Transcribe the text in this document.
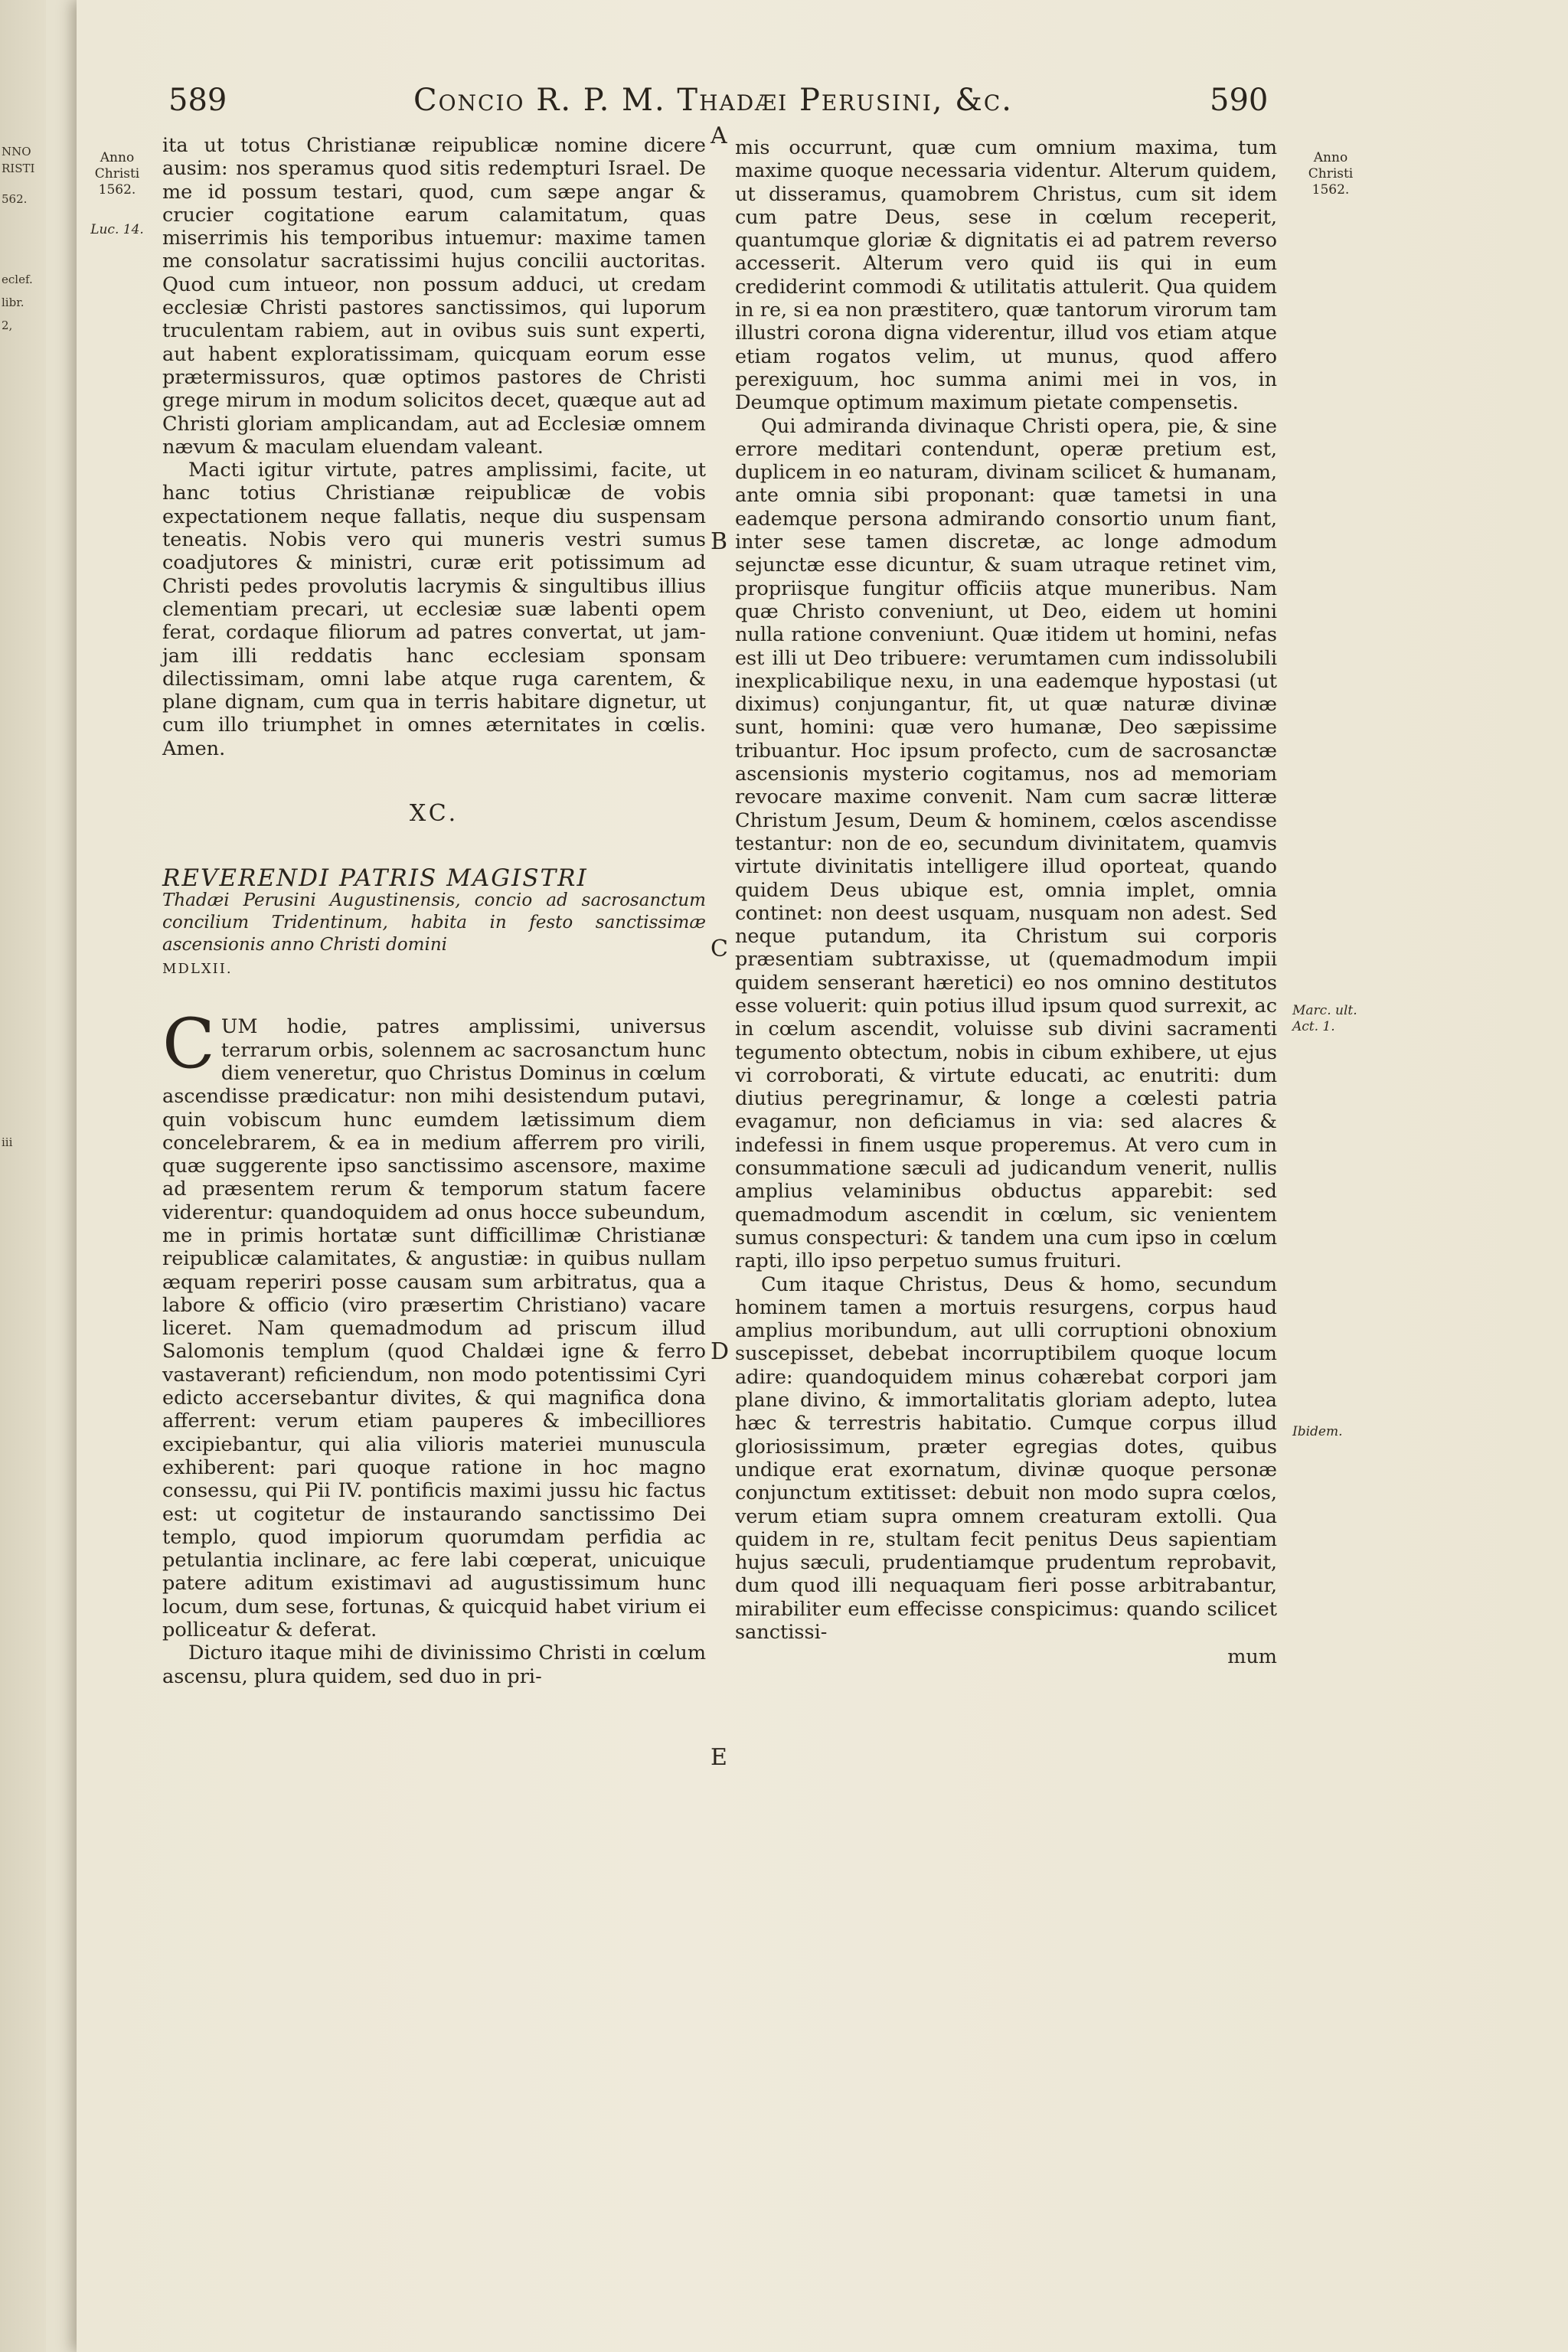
NNO
RISTI
562.
eclef.
libr.
2,
iii
589	Concio R. P. M. Thadæi Perusini, &c.	590
Anno Christi 1562.
Luc. 14.
Anno Christi 1562.
Marc. ult. Act. 1.
Ibidem.
A
B
C
D
E

ita ut totus Christianæ reipublicæ nomine dicere ausim: nos speramus quod sitis redempturi Israel. De me id possum testari, quod, cum sæpe angar & crucier cogitatione earum calamitatum, quas miserrimis his temporibus intuemur: maxime tamen me consolatur sacratissimi hujus concilii auctoritas. Quod cum intueor, non possum adduci, ut credam ecclesiæ Christi pastores sanctissimos, qui luporum truculentam rabiem, aut in ovibus suis sunt experti, aut habent exploratissimam, quicquam eorum esse prætermissuros, quæ optimos pastores de Christi grege mirum in modum solicitos decet, quæque aut ad Christi gloriam amplicandam, aut ad Ecclesiæ omnem nævum & maculam eluendam valeant.

Macti igitur virtute, patres amplissimi, facite, ut hanc totius Christianæ reipublicæ de vobis expectationem neque fallatis, neque diu suspensam teneatis. Nobis vero qui muneris vestri sumus coadjutores & ministri, curæ erit potissimum ad Christi pedes provolutis lacrymis & singultibus illius clementiam precari, ut ecclesiæ suæ labenti opem ferat, cordaque filiorum ad patres convertat, ut jam-jam illi reddatis hanc ecclesiam sponsam dilectissimam, omni labe atque ruga carentem, & plane dignam, cum qua in terris habitare dignetur, ut cum illo triumphet in omnes æternitates in cœlis. Amen.

XC.
REVERENDI PATRIS MAGISTRI
Thadæi Perusini Augustinensis, concio ad sacrosanctum concilium Tridentinum, habita in festo sanctissimæ ascensionis anno Christi domini
MDLXII.

CUM hodie, patres amplissimi, universus terrarum orbis, solennem ac sacrosanctum hunc diem veneretur, quo Christus Dominus in cœlum ascendisse prædicatur: non mihi desistendum putavi, quin vobiscum hunc eumdem lætissimum diem concelebrarem, & ea in medium afferrem pro virili, quæ suggerente ipso sanctissimo ascensore, maxime ad præsentem rerum & temporum statum facere viderentur: quandoquidem ad onus hocce subeundum, me in primis hortatæ sunt difficillimæ Christianæ reipublicæ calamitates, & angustiæ: in quibus nullam æquam reperiri posse causam sum arbitratus, qua a labore & officio (viro præsertim Christiano) vacare liceret. Nam quemadmodum ad priscum illud Salomonis templum (quod Chaldæi igne & ferro vastaverant) reficiendum, non modo potentissimi Cyri edicto accersebantur divites, & qui magnifica dona afferrent: verum etiam pauperes & imbecilliores excipiebantur, qui alia vilioris materiei munuscula exhiberent: pari quoque ratione in hoc magno consessu, qui Pii IV. pontificis maximi jussu hic factus est: ut cogitetur de instaurando sanctissimo Dei templo, quod impiorum quorumdam perfidia ac petulantia inclinare, ac fere labi cœperat, unicuique patere aditum existimavi ad augustissimum hunc locum, dum sese, fortunas, & quicquid habet virium ei polliceatur & deferat.

Dicturo itaque mihi de divinissimo Christi in cœlum ascensu, plura quidem, sed duo in pri-

mis occurrunt, quæ cum omnium maxima, tum maxime quoque necessaria videntur. Alterum quidem, ut disseramus, quamobrem Christus, cum sit idem cum patre Deus, sese in cœlum receperit, quantumque gloriæ & dignitatis ei ad patrem reverso accesserit. Alterum vero quid iis qui in eum crediderint commodi & utilitatis attulerit. Qua quidem in re, si ea non præstitero, quæ tantorum virorum tam illustri corona digna viderentur, illud vos etiam atque etiam rogatos velim, ut munus, quod affero perexiguum, hoc summa animi mei in vos, in Deumque optimum maximum pietate compensetis.

Qui admiranda divinaque Christi opera, pie, & sine errore meditari contendunt, operæ pretium est, duplicem in eo naturam, divinam scilicet & humanam, ante omnia sibi proponant: quæ tametsi in una eademque persona admirando consortio unum fiant, inter sese tamen discretæ, ac longe admodum sejunctæ esse dicuntur, & suam utraque retinet vim, propriisque fungitur officiis atque muneribus. Nam quæ Christo conveniunt, ut Deo, eidem ut homini nulla ratione conveniunt. Quæ itidem ut homini, nefas est illi ut Deo tribuere: verumtamen cum indissolubili inexplicabilique nexu, in una eademque hypostasi (ut diximus) conjungantur, fit, ut quæ naturæ divinæ sunt, homini: quæ vero humanæ, Deo sæpissime tribuantur. Hoc ipsum profecto, cum de sacrosanctæ ascensionis mysterio cogitamus, nos ad memoriam revocare maxime convenit. Nam cum sacræ litteræ Christum Jesum, Deum & hominem, cœlos ascendisse testantur: non de eo, secundum divinitatem, quamvis virtute divinitatis intelligere illud oporteat, quando quidem Deus ubique est, omnia implet, omnia continet: non deest usquam, nusquam non adest. Sed neque putandum, ita Christum sui corporis præsentiam subtraxisse, ut (quemadmodum impii quidem senserant hæretici) eo nos omnino destitutos esse voluerit: quin potius illud ipsum quod surrexit, ac in cœlum ascendit, voluisse sub divini sacramenti tegumento obtectum, nobis in cibum exhibere, ut ejus vi corroborati, & virtute educati, ac enutriti: dum diutius peregrinamur, & longe a cœlesti patria evagamur, non deficiamus in via: sed alacres & indefessi in finem usque properemus. At vero cum in consummatione sæculi ad judicandum venerit, nullis amplius velaminibus obductus apparebit: sed quemadmodum ascendit in cœlum, sic venientem sumus conspecturi: & tandem una cum ipso in cœlum rapti, illo ipso perpetuo sumus fruituri.

Cum itaque Christus, Deus & homo, secundum hominem tamen a mortuis resurgens, corpus haud amplius moribundum, aut ulli corruptioni obnoxium suscepisset, debebat incorruptibilem quoque locum adire: quandoquidem minus cohærebat corpori jam plane divino, & immortalitatis gloriam adepto, lutea hæc & terrestris habitatio. Cumque corpus illud gloriosissimum, præter egregias dotes, quibus undique erat exornatum, divinæ quoque personæ conjunctum extitisset: debuit non modo supra cœlos, verum etiam supra omnem creaturam extolli. Qua quidem in re, stultam fecit penitus Deus sapientiam hujus sæculi, prudentiamque prudentum reprobavit, dum quod illi nequaquam fieri posse arbitrabantur, mirabiliter eum effecisse conspicimus: quando scilicet sanctissi-

mum
